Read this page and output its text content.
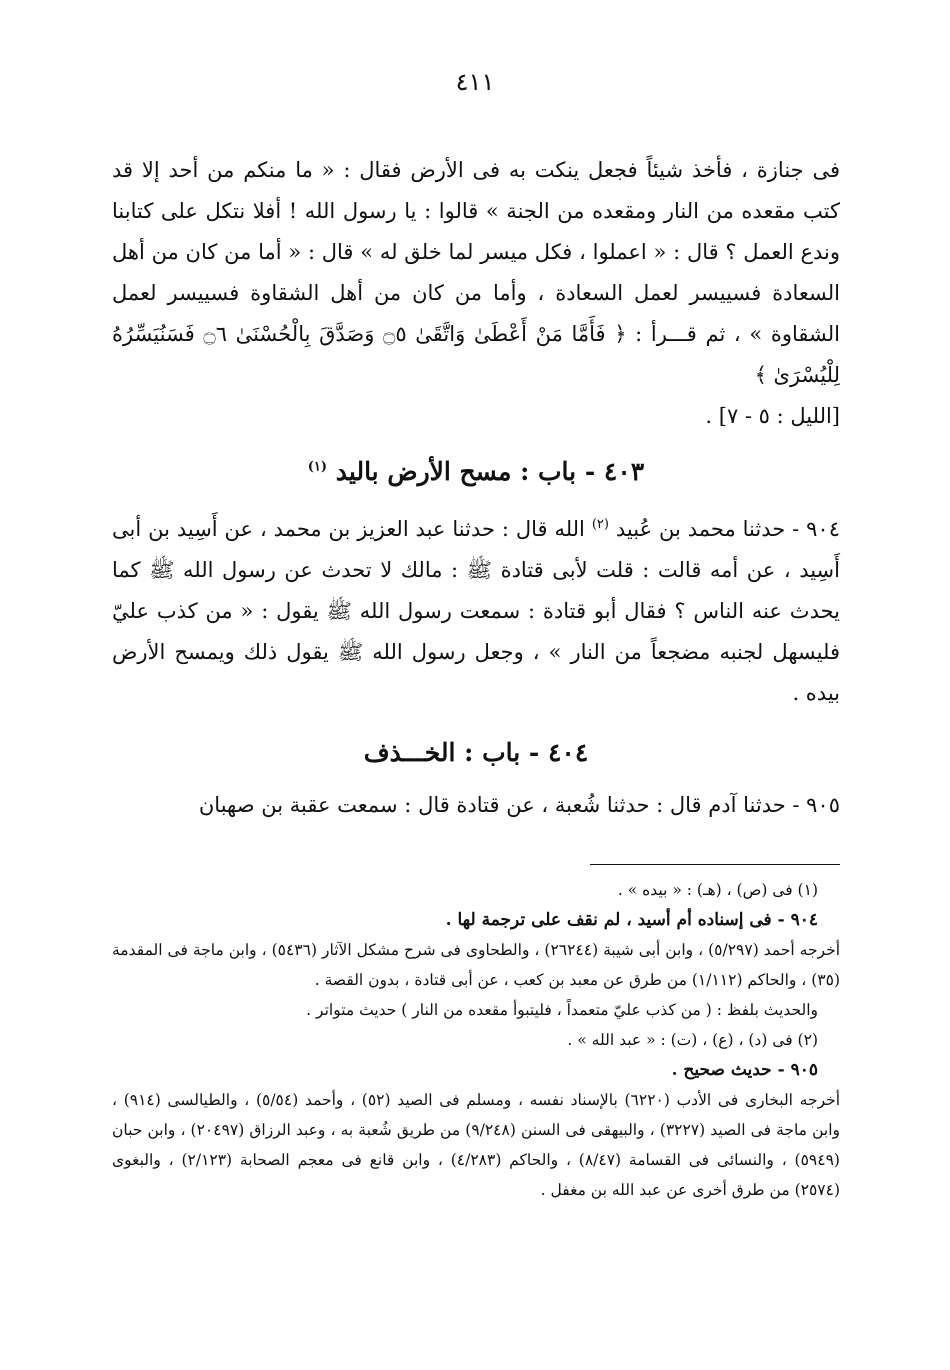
٤١١

فى جنازة ، فأخذ شيئاً فجعل ينكت به فى الأرض فقال : « ما منكم من أحد إلا قد كتب مقعده من النار ومقعده من الجنة » قالوا : يا رسول الله ! أفلا نتكل على كتابنا وندع العمل ؟ قال : « اعملوا ، فكل ميسر لما خلق له » قال : « أما من كان من أهل السعادة فسييسر لعمل السعادة ، وأما من كان من أهل الشقاوة فسييسر لعمل الشقاوة » ، ثم قـــرأ : ﴿ فَأَمَّا مَنْ أَعْطَىٰ وَاتَّقَىٰ ۝٥ وَصَدَّقَ بِالْحُسْنَىٰ ۝٦ فَسَنُيَسِّرُهُ لِلْيُسْرَىٰ ﴾
[الليل : ٥ - ٧] .

٤٠٣ - باب : مسح الأرض باليد $^{(١)}$

٩٠٤ - حدثنا محمد بن عُبيد $^{(٢)}$ الله قال : حدثنا عبد العزيز بن محمد ، عن أَسِيد بن أبى أَسِيد ، عن أمه قالت : قلت لأبى قتادة ﷺ : مالك لا تحدث عن رسول الله ﷺ كما يحدث عنه الناس ؟ فقال أبو قتادة : سمعت رسول الله ﷺ يقول : « من كذب عليّ فليسهل لجنبه مضجعاً من النار » ، وجعل رسول الله ﷺ يقول ذلك ويمسح الأرض بيده .

٤٠٤ - باب : الخـــذف

٩٠٥ - حدثنا آدم قال : حدثنا شُعبة ، عن قتادة قال : سمعت عقبة بن صهبان

(١) فى (ص) ، (هـ) : « بيده » .

٩٠٤ - فى إسناده أم أسيد ، لم نقف على ترجمة لها .

أخرجه أحمد (٥/٢٩٧) ، وابن أبى شيبة (٢٦٢٤٤) ، والطحاوى فى شرح مشكل الآثار (٥٤٣٦) ، وابن ماجة فى المقدمة (٣٥) ، والحاكم (١/١١٢) من طرق عن معبد بن كعب ، عن أبى قتادة ، بدون القصة .

والحديث بلفظ : ( من كذب عليّ متعمداً ، فليتبوأ مقعده من النار ) حديث متواتر .

(٢) فى (د) ، (ع) ، (ت) : « عبد الله » .

٩٠٥ - حديث صحيح .

أخرجه البخارى فى الأدب (٦٢٢٠) بالإسناد نفسه ، ومسلم فى الصيد (٥٢) ، وأحمد (٥/٥٤) ، والطيالسى (٩١٤) ، وابن ماجة فى الصيد (٣٢٢٧) ، والبيهقى فى السنن (٩/٢٤٨) من طريق شُعبة به ، وعبد الرزاق (٢٠٤٩٧) ، وابن حبان (٥٩٤٩) ، والنسائى فى القسامة (٨/٤٧) ، والحاكم (٤/٢٨٣) ، وابن قانع فى معجم الصحابة (٢/١٢٣) ، والبغوى (٢٥٧٤) من طرق أخرى عن عبد الله بن مغفل .
